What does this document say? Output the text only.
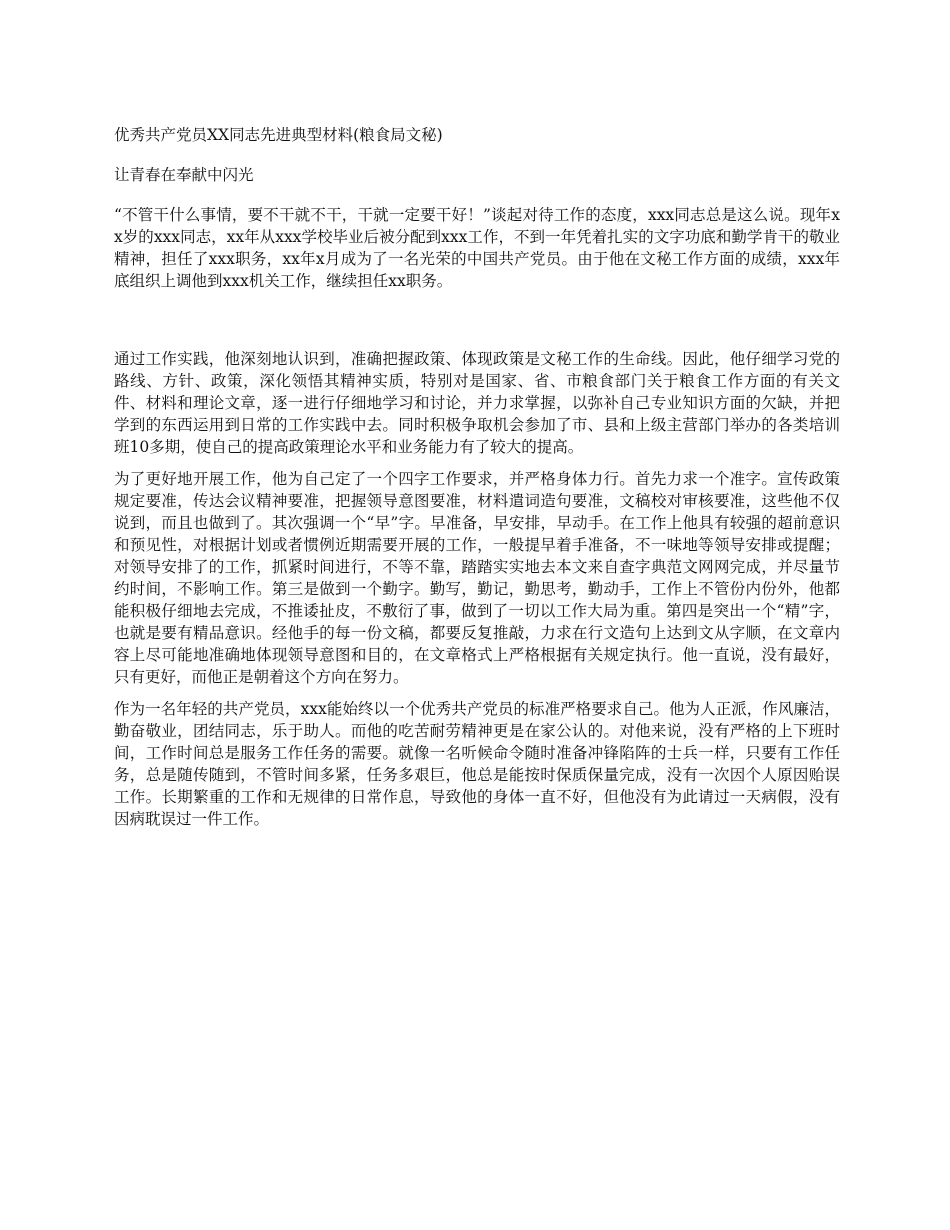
优秀共产党员XX同志先进典型材料(粮食局文秘)

让青春在奉献中闪光

“不管干什么事情，要不干就不干，干就一定要干好！”谈起对待工作的态度，xxx同志总是这么说。现年xx岁的xxx同志，xx年从xxx学校毕业后被分配到xxx工作，不到一年凭着扎实的文字功底和勤学肯干的敬业精神，担任了xxx职务，xx年x月成为了一名光荣的中国共产党员。由于他在文秘工作方面的成绩，xxx年底组织上调他到xxx机关工作，继续担任xx职务。

通过工作实践，他深刻地认识到，准确把握政策、体现政策是文秘工作的生命线。因此，他仔细学习党的路线、方针、政策，深化领悟其精神实质，特别对是国家、省、市粮食部门关于粮食工作方面的有关文件、材料和理论文章，逐一进行仔细地学习和讨论，并力求掌握，以弥补自己专业知识方面的欠缺，并把学到的东西运用到日常的工作实践中去。同时积极争取机会参加了市、县和上级主营部门举办的各类培训班10多期，使自己的提高政策理论水平和业务能力有了较大的提高。

为了更好地开展工作，他为自己定了一个四字工作要求，并严格身体力行。首先力求一个准字。宣传政策规定要准，传达会议精神要准，把握领导意图要准，材料遣词造句要准，文稿校对审核要准，这些他不仅说到，而且也做到了。其次强调一个“早”字。早准备，早安排，早动手。在工作上他具有较强的超前意识和预见性，对根据计划或者惯例近期需要开展的工作，一般提早着手准备，不一味地等领导安排或提醒；对领导安排了的工作，抓紧时间进行，不等不靠，踏踏实实地去本文来自查字典范文网网完成，并尽量节约时间，不影响工作。第三是做到一个勤字。勤写，勤记，勤思考，勤动手，工作上不管份内份外，他都能积极仔细地去完成，不推诿扯皮，不敷衍了事，做到了一切以工作大局为重。第四是突出一个“精”字，也就是要有精品意识。经他手的每一份文稿，都要反复推敲，力求在行文造句上达到文从字顺，在文章内容上尽可能地准确地体现领导意图和目的，在文章格式上严格根据有关规定执行。他一直说，没有最好，只有更好，而他正是朝着这个方向在努力。

作为一名年轻的共产党员，xxx能始终以一个优秀共产党员的标准严格要求自己。他为人正派，作风廉洁，勤奋敬业，团结同志，乐于助人。而他的吃苦耐劳精神更是在家公认的。对他来说，没有严格的上下班时间，工作时间总是服务工作任务的需要。就像一名听候命令随时准备冲锋陷阵的士兵一样，只要有工作任务，总是随传随到，不管时间多紧，任务多艰巨，他总是能按时保质保量完成，没有一次因个人原因贻误工作。长期繁重的工作和无规律的日常作息，导致他的身体一直不好，但他没有为此请过一天病假，没有因病耽误过一件工作。
